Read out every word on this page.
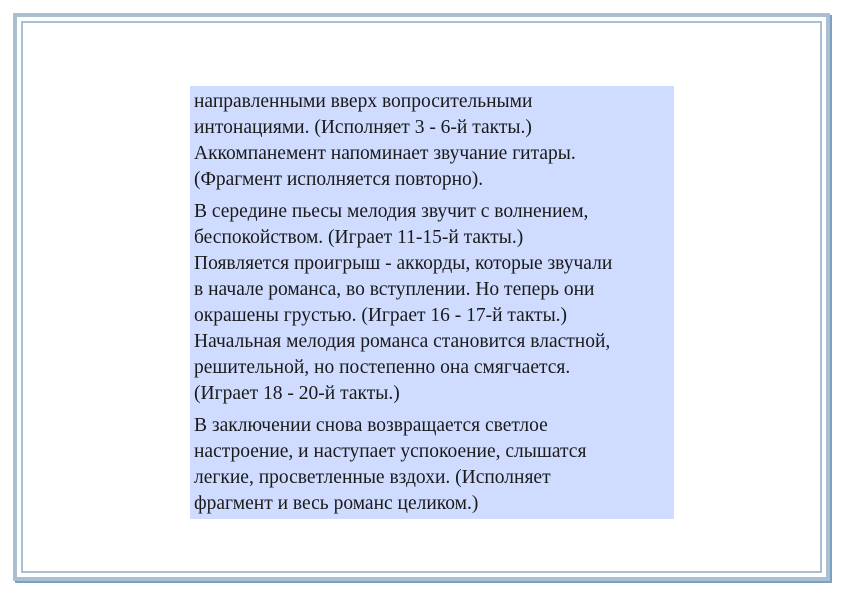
направленными вверх вопросительными
интонациями. (Исполняет 3 - 6-й такты.)
Аккомпанемент напоминает звучание гитары.
(Фрагмент исполняется повторно).

В середине пьесы мелодия звучит с волнением,
беспокойством. (Играет 11-15-й такты.)
Появляется проигрыш - аккорды, которые звучали
в начале романса, во вступлении. Но теперь они
окрашены грустью. (Играет 16 - 17-й такты.)
Начальная мелодия романса становится властной,
решительной, но постепенно она смягчается.
(Играет 18 - 20-й такты.)

В заключении снова возвращается светлое
настроение, и наступает успокоение, слышатся
легкие, просветленные вздохи. (Исполняет
фрагмент и весь романс целиком.)
